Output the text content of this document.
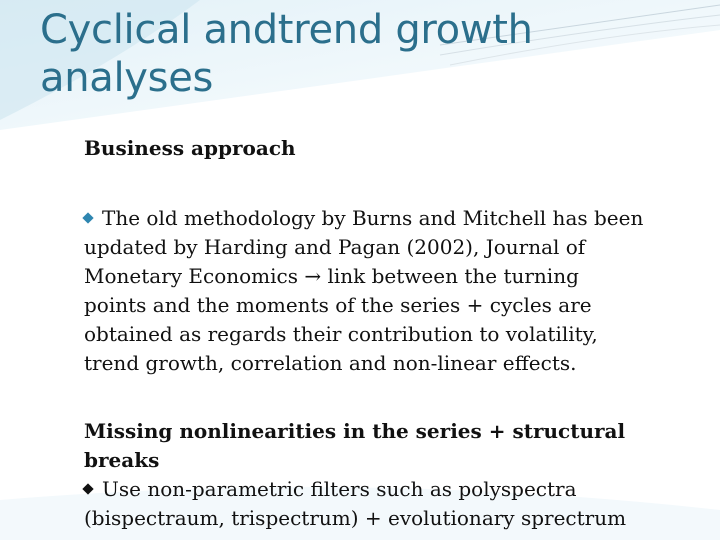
Cyclical andtrend growth analyses
Business approach
The old methodology by Burns and Mitchell has been
updated by Harding and Pagan (2002), Journal of
Monetary Economics → link between the turning
points and the moments of the series + cycles are
obtained as regards their contribution to volatility,
trend growth, correlation and non-linear effects.
Missing nonlinearities in the series + structural
breaks
Use non-parametric filters such as polyspectra
(bispectraum, trispectrum) + evolutionary sprectrum
